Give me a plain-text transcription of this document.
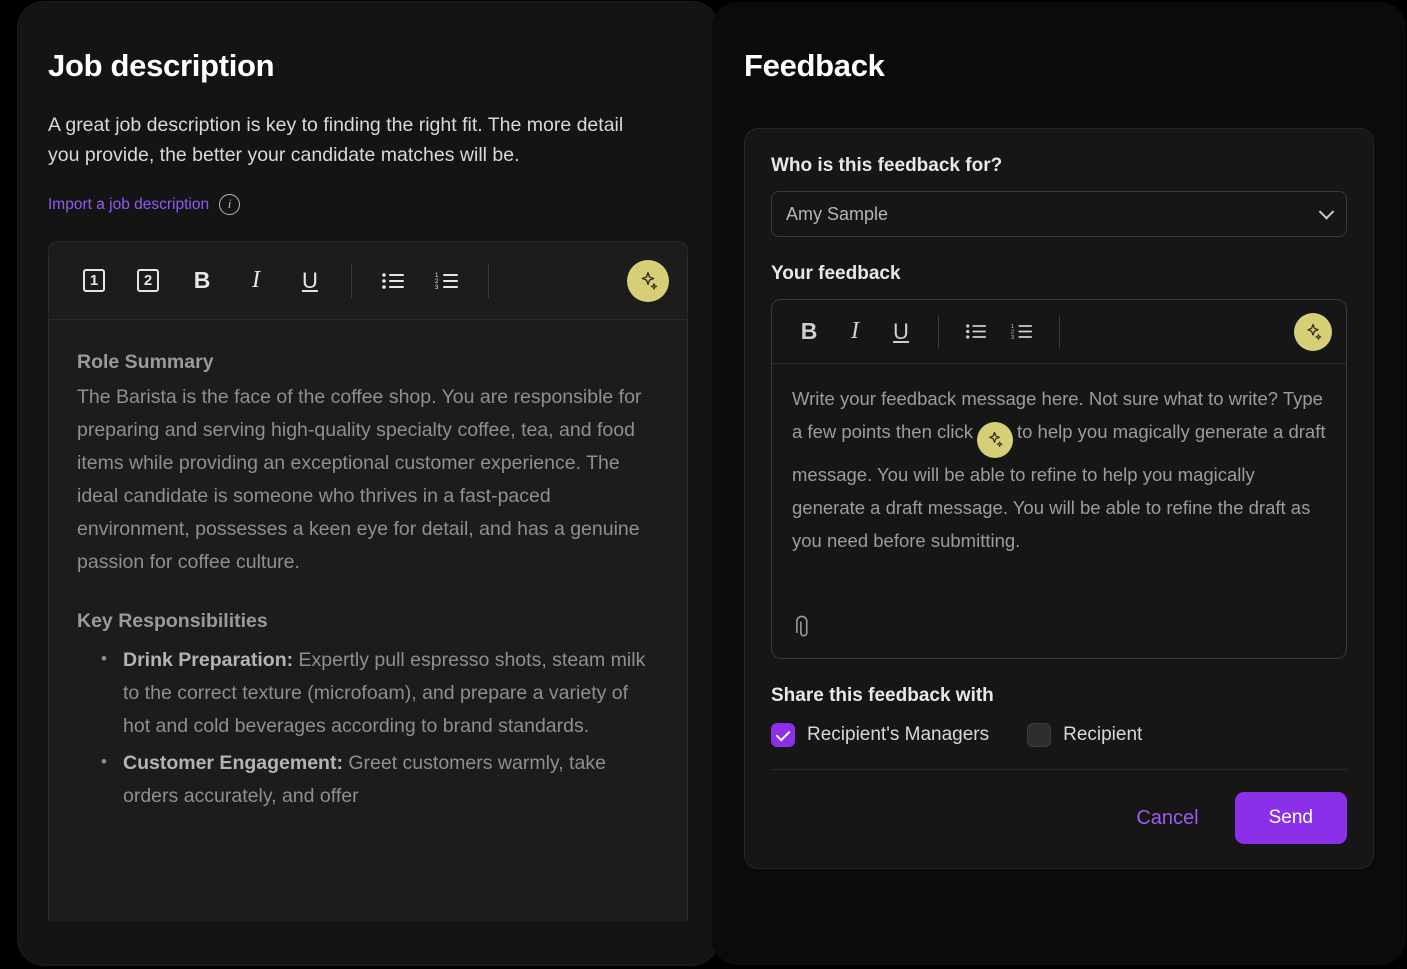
Job description

A great job description is key to finding the right fit. The more detail you provide, the better your candidate matches will be.

Import a job description	i
1	2	B	I	U	1
2
3
Role Summary

The Barista is the face of the coffee shop. You are responsible for preparing and serving high-quality specialty coffee, tea, and food items while providing an exceptional customer experience. The ideal candidate is someone who thrives in a fast-paced environment, possesses a keen eye for detail, and has a genuine passion for coffee culture.

Key Responsibilities
• Drink Preparation: Expertly pull espresso shots, steam milk to the correct texture (microfoam), and prepare a variety of hot and cold beverages according to brand standards.
• Customer Engagement: Greet customers warmly, take orders accurately, and offer
Feedback
Who is this feedback for?
Amy Sample
Your feedback
B	I	U	1
2
3
Write your feedback message here. Not sure what to write? Type a few points then click to help you magically generate a draft message. You will be able to refine to help you magically generate a draft message. You will be able to refine the draft as you need before submitting.
Share this feedback with
Recipient's Managers	Recipient
Cancel	Send
